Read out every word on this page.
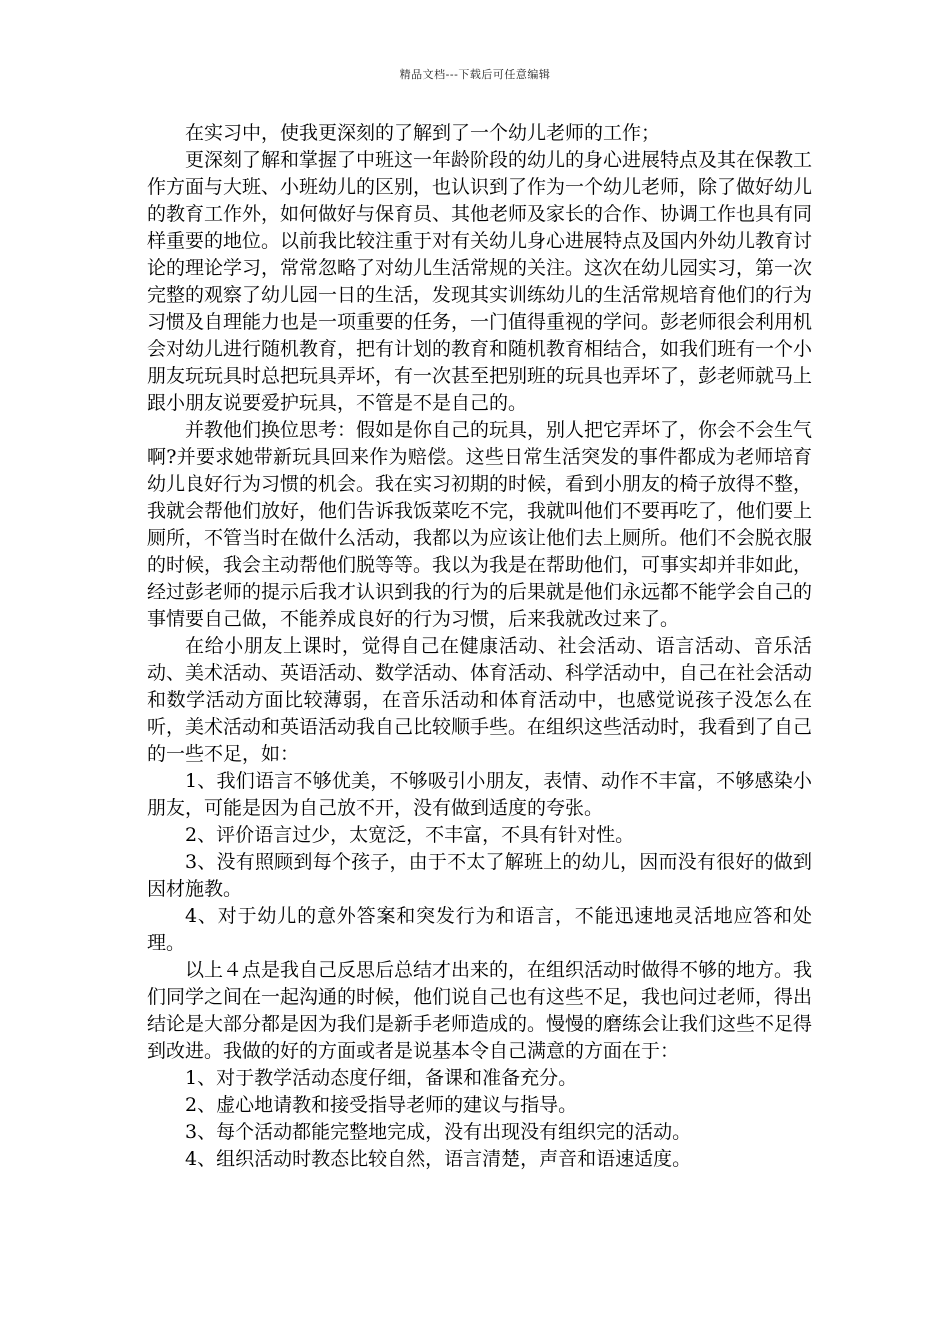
精品文档---下载后可任意编辑

在实习中，使我更深刻的了解到了一个幼儿老师的工作；

更深刻了解和掌握了中班这一年龄阶段的幼儿的身心进展特点及其在保教工作方面与大班、小班幼儿的区别，也认识到了作为一个幼儿老师，除了做好幼儿的教育工作外，如何做好与保育员、其他老师及家长的合作、协调工作也具有同样重要的地位。以前我比较注重于对有关幼儿身心进展特点及国内外幼儿教育讨论的理论学习，常常忽略了对幼儿生活常规的关注。这次在幼儿园实习，第一次完整的观察了幼儿园一日的生活，发现其实训练幼儿的生活常规培育他们的行为习惯及自理能力也是一项重要的任务，一门值得重视的学问。彭老师很会利用机会对幼儿进行随机教育，把有计划的教育和随机教育相结合，如我们班有一个小朋友玩玩具时总把玩具弄坏，有一次甚至把别班的玩具也弄坏了，彭老师就马上跟小朋友说要爱护玩具，不管是不是自己的。

并教他们换位思考：假如是你自己的玩具，别人把它弄坏了，你会不会生气啊?并要求她带新玩具回来作为赔偿。这些日常生活突发的事件都成为老师培育幼儿良好行为习惯的机会。我在实习初期的时候，看到小朋友的椅子放得不整，我就会帮他们放好，他们告诉我饭菜吃不完，我就叫他们不要再吃了，他们要上厕所，不管当时在做什么活动，我都以为应该让他们去上厕所。他们不会脱衣服的时候，我会主动帮他们脱等等。我以为我是在帮助他们，可事实却并非如此，经过彭老师的提示后我才认识到我的行为的后果就是他们永远都不能学会自己的事情要自己做，不能养成良好的行为习惯，后来我就改过来了。

在给小朋友上课时，觉得自己在健康活动、社会活动、语言活动、音乐活动、美术活动、英语活动、数学活动、体育活动、科学活动中，自己在社会活动和数学活动方面比较薄弱，在音乐活动和体育活动中，也感觉说孩子没怎么在听，美术活动和英语活动我自己比较顺手些。在组织这些活动时，我看到了自己的一些不足，如：

1、我们语言不够优美，不够吸引小朋友，表情、动作不丰富，不够感染小朋友，可能是因为自己放不开，没有做到适度的夸张。

2、评价语言过少，太宽泛，不丰富，不具有针对性。

3、没有照顾到每个孩子，由于不太了解班上的幼儿，因而没有很好的做到因材施教。

4、对于幼儿的意外答案和突发行为和语言，不能迅速地灵活地应答和处理。

以上４点是我自己反思后总结才出来的，在组织活动时做得不够的地方。我们同学之间在一起沟通的时候，他们说自己也有这些不足，我也问过老师，得出结论是大部分都是因为我们是新手老师造成的。慢慢的磨练会让我们这些不足得到改进。我做的好的方面或者是说基本令自己满意的方面在于：

1、对于教学活动态度仔细，备课和准备充分。

2、虚心地请教和接受指导老师的建议与指导。

3、每个活动都能完整地完成，没有出现没有组织完的活动。

4、组织活动时教态比较自然，语言清楚，声音和语速适度。
